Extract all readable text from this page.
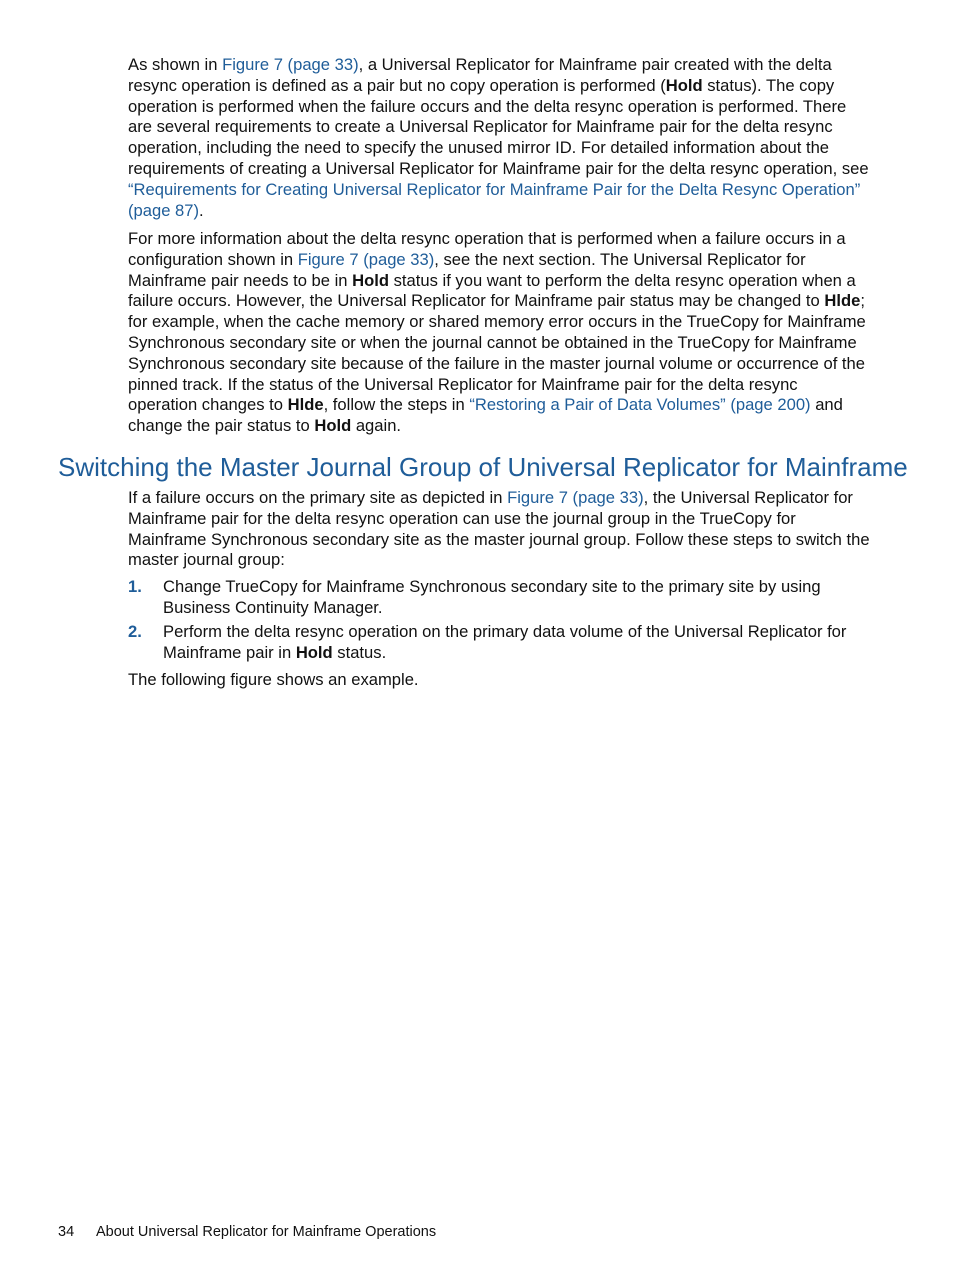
As shown in Figure 7 (page 33), a Universal Replicator for Mainframe pair created with the delta resync operation is defined as a pair but no copy operation is performed (Hold status). The copy operation is performed when the failure occurs and the delta resync operation is performed. There are several requirements to create a Universal Replicator for Mainframe pair for the delta resync operation, including the need to specify the unused mirror ID. For detailed information about the requirements of creating a Universal Replicator for Mainframe pair for the delta resync operation, see “Requirements for Creating Universal Replicator for Mainframe Pair for the Delta Resync Operation” (page 87).

For more information about the delta resync operation that is performed when a failure occurs in a configuration shown in Figure 7 (page 33), see the next section. The Universal Replicator for Mainframe pair needs to be in Hold status if you want to perform the delta resync operation when a failure occurs. However, the Universal Replicator for Mainframe pair status may be changed to Hlde; for example, when the cache memory or shared memory error occurs in the TrueCopy for Mainframe Synchronous secondary site or when the journal cannot be obtained in the TrueCopy for Mainframe Synchronous secondary site because of the failure in the master journal volume or occurrence of the pinned track. If the status of the Universal Replicator for Mainframe pair for the delta resync operation changes to Hlde, follow the steps in “Restoring a Pair of Data Volumes” (page 200) and change the pair status to Hold again.

Switching the Master Journal Group of Universal Replicator for Mainframe

If a failure occurs on the primary site as depicted in Figure 7 (page 33), the Universal Replicator for Mainframe pair for the delta resync operation can use the journal group in the TrueCopy for Mainframe Synchronous secondary site as the master journal group. Follow these steps to switch the master journal group:

1. Change TrueCopy for Mainframe Synchronous secondary site to the primary site by using Business Continuity Manager.
2. Perform the delta resync operation on the primary data volume of the Universal Replicator for Mainframe pair in Hold status.

The following figure shows an example.

34 About Universal Replicator for Mainframe Operations
